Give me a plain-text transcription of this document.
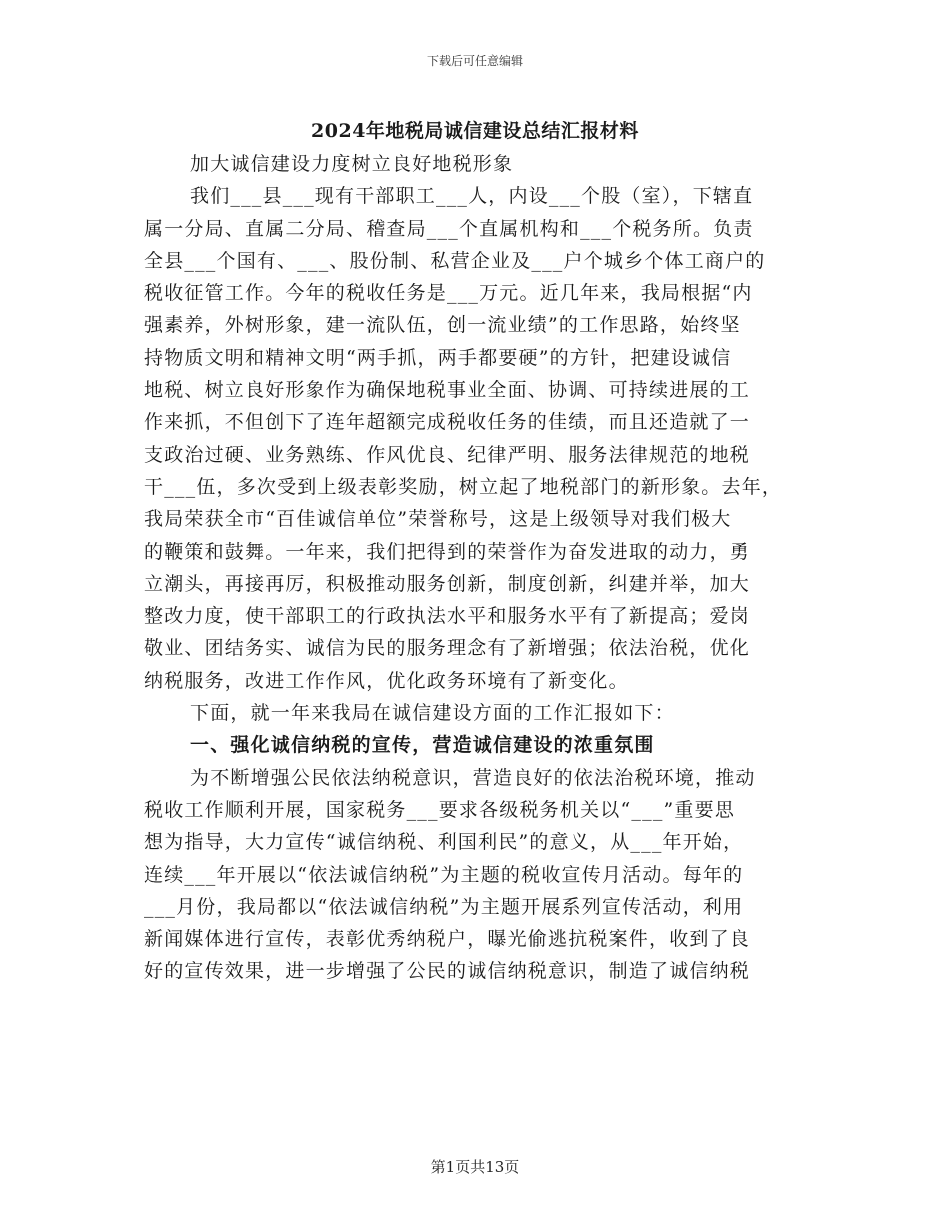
下载后可任意编辑
2024年地税局诚信建设总结汇报材料
加大诚信建设力度树立良好地税形象
我们___县___现有干部职工___人，内设___个股（室），下辖直
属一分局、直属二分局、稽查局___个直属机构和___个税务所。负责
全县___个国有、___、股份制、私营企业及___户个城乡个体工商户的
税收征管工作。今年的税收任务是___万元。近几年来，我局根据“内
强素养，外树形象，建一流队伍，创一流业绩”的工作思路，始终坚
持物质文明和精神文明“两手抓，两手都要硬”的方针，把建设诚信
地税、树立良好形象作为确保地税事业全面、协调、可持续进展的工
作来抓，不但创下了连年超额完成税收任务的佳绩，而且还造就了一
支政治过硬、业务熟练、作风优良、纪律严明、服务法律规范的地税
干___伍，多次受到上级表彰奖励，树立起了地税部门的新形象。去年，
我局荣获全市“百佳诚信单位”荣誉称号，这是上级领导对我们极大
的鞭策和鼓舞。一年来，我们把得到的荣誉作为奋发进取的动力，勇
立潮头，再接再厉，积极推动服务创新，制度创新，纠建并举，加大
整改力度，使干部职工的行政执法水平和服务水平有了新提高；爱岗
敬业、团结务实、诚信为民的服务理念有了新增强；依法治税，优化
纳税服务，改进工作作风，优化政务环境有了新变化。
下面，就一年来我局在诚信建设方面的工作汇报如下：
一、强化诚信纳税的宣传，营造诚信建设的浓重氛围
为不断增强公民依法纳税意识，营造良好的依法治税环境，推动
税收工作顺利开展，国家税务___要求各级税务机关以“___”重要思
想为指导，大力宣传“诚信纳税、利国利民”的意义，从___年开始，
连续___年开展以“依法诚信纳税”为主题的税收宣传月活动。每年的
___月份，我局都以“依法诚信纳税”为主题开展系列宣传活动，利用
新闻媒体进行宣传，表彰优秀纳税户，曝光偷逃抗税案件，收到了良
好的宣传效果，进一步增强了公民的诚信纳税意识，制造了诚信纳税
第1页共13页
